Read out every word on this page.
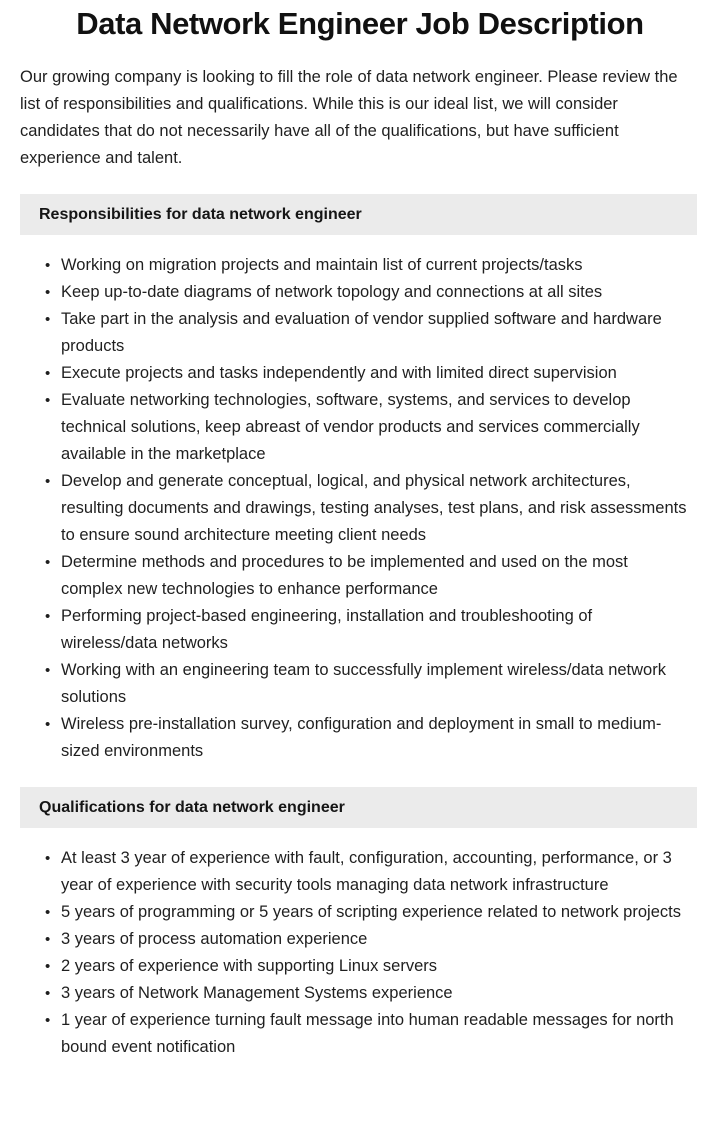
Data Network Engineer Job Description

Our growing company is looking to fill the role of data network engineer. Please review the list of responsibilities and qualifications. While this is our ideal list, we will consider candidates that do not necessarily have all of the qualifications, but have sufficient experience and talent.

Responsibilities for data network engineer
• Working on migration projects and maintain list of current projects/tasks
• Keep up-to-date diagrams of network topology and connections at all sites
• Take part in the analysis and evaluation of vendor supplied software and hardware products
• Execute projects and tasks independently and with limited direct supervision
• Evaluate networking technologies, software, systems, and services to develop technical solutions, keep abreast of vendor products and services commercially available in the marketplace
• Develop and generate conceptual, logical, and physical network architectures, resulting documents and drawings, testing analyses, test plans, and risk assessments to ensure sound architecture meeting client needs
• Determine methods and procedures to be implemented and used on the most complex new technologies to enhance performance
• Performing project-based engineering, installation and troubleshooting of wireless/data networks
• Working with an engineering team to successfully implement wireless/data network solutions
• Wireless pre-installation survey, configuration and deployment in small to medium-sized environments
Qualifications for data network engineer
• At least 3 year of experience with fault, configuration, accounting, performance, or 3 year of experience with security tools managing data network infrastructure
• 5 years of programming or 5 years of scripting experience related to network projects
• 3 years of process automation experience
• 2 years of experience with supporting Linux servers
• 3 years of Network Management Systems experience
• 1 year of experience turning fault message into human readable messages for north bound event notification
